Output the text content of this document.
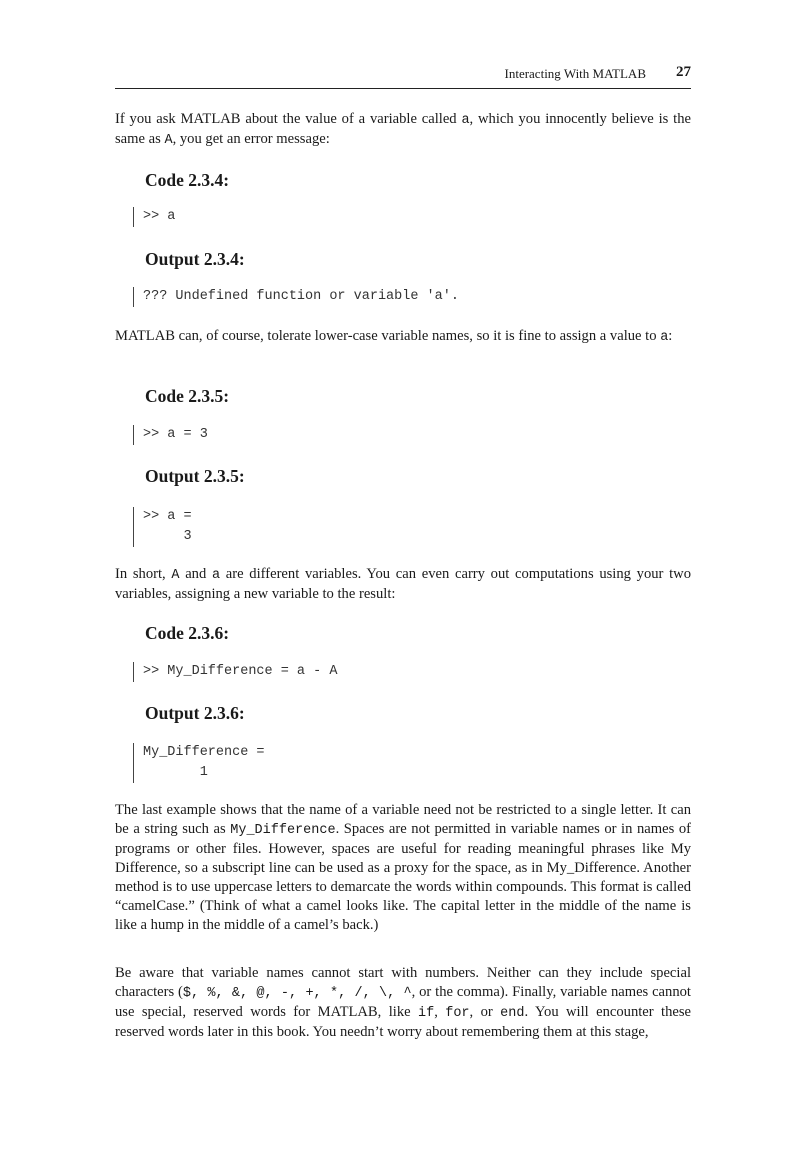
Interacting With MATLAB 27

If you ask MATLAB about the value of a variable called a, which you innocently believe is the same as A, you get an error message:

Code 2.3.4:
>> a
Output 2.3.4:
??? Undefined function or variable 'a'.

MATLAB can, of course, tolerate lower-case variable names, so it is fine to assign a value to a:

Code 2.3.5:
>> a = 3
Output 2.3.5:
>> a =
3

In short, A and a are different variables. You can even carry out computations using your two variables, assigning a new variable to the result:

Code 2.3.6:
>> My_Difference = a - A
Output 2.3.6:
My_Difference =
1

The last example shows that the name of a variable need not be restricted to a single letter. It can be a string such as My_Difference. Spaces are not permitted in variable names or in names of programs or other files. However, spaces are useful for reading meaningful phrases like My Difference, so a subscript line can be used as a proxy for the space, as in My_Difference. Another method is to use uppercase letters to demarcate the words within compounds. This format is called “camelCase.” (Think of what a camel looks like. The capital letter in the middle of the name is like a hump in the middle of a camel’s back.)

Be aware that variable names cannot start with numbers. Neither can they include special characters ($, %, &, @, -, +, *, /, \, ^, or the comma). Finally, variable names cannot use special, reserved words for MATLAB, like if, for, or end. You will encounter these reserved words later in this book. You needn’t worry about remembering them at this stage,
